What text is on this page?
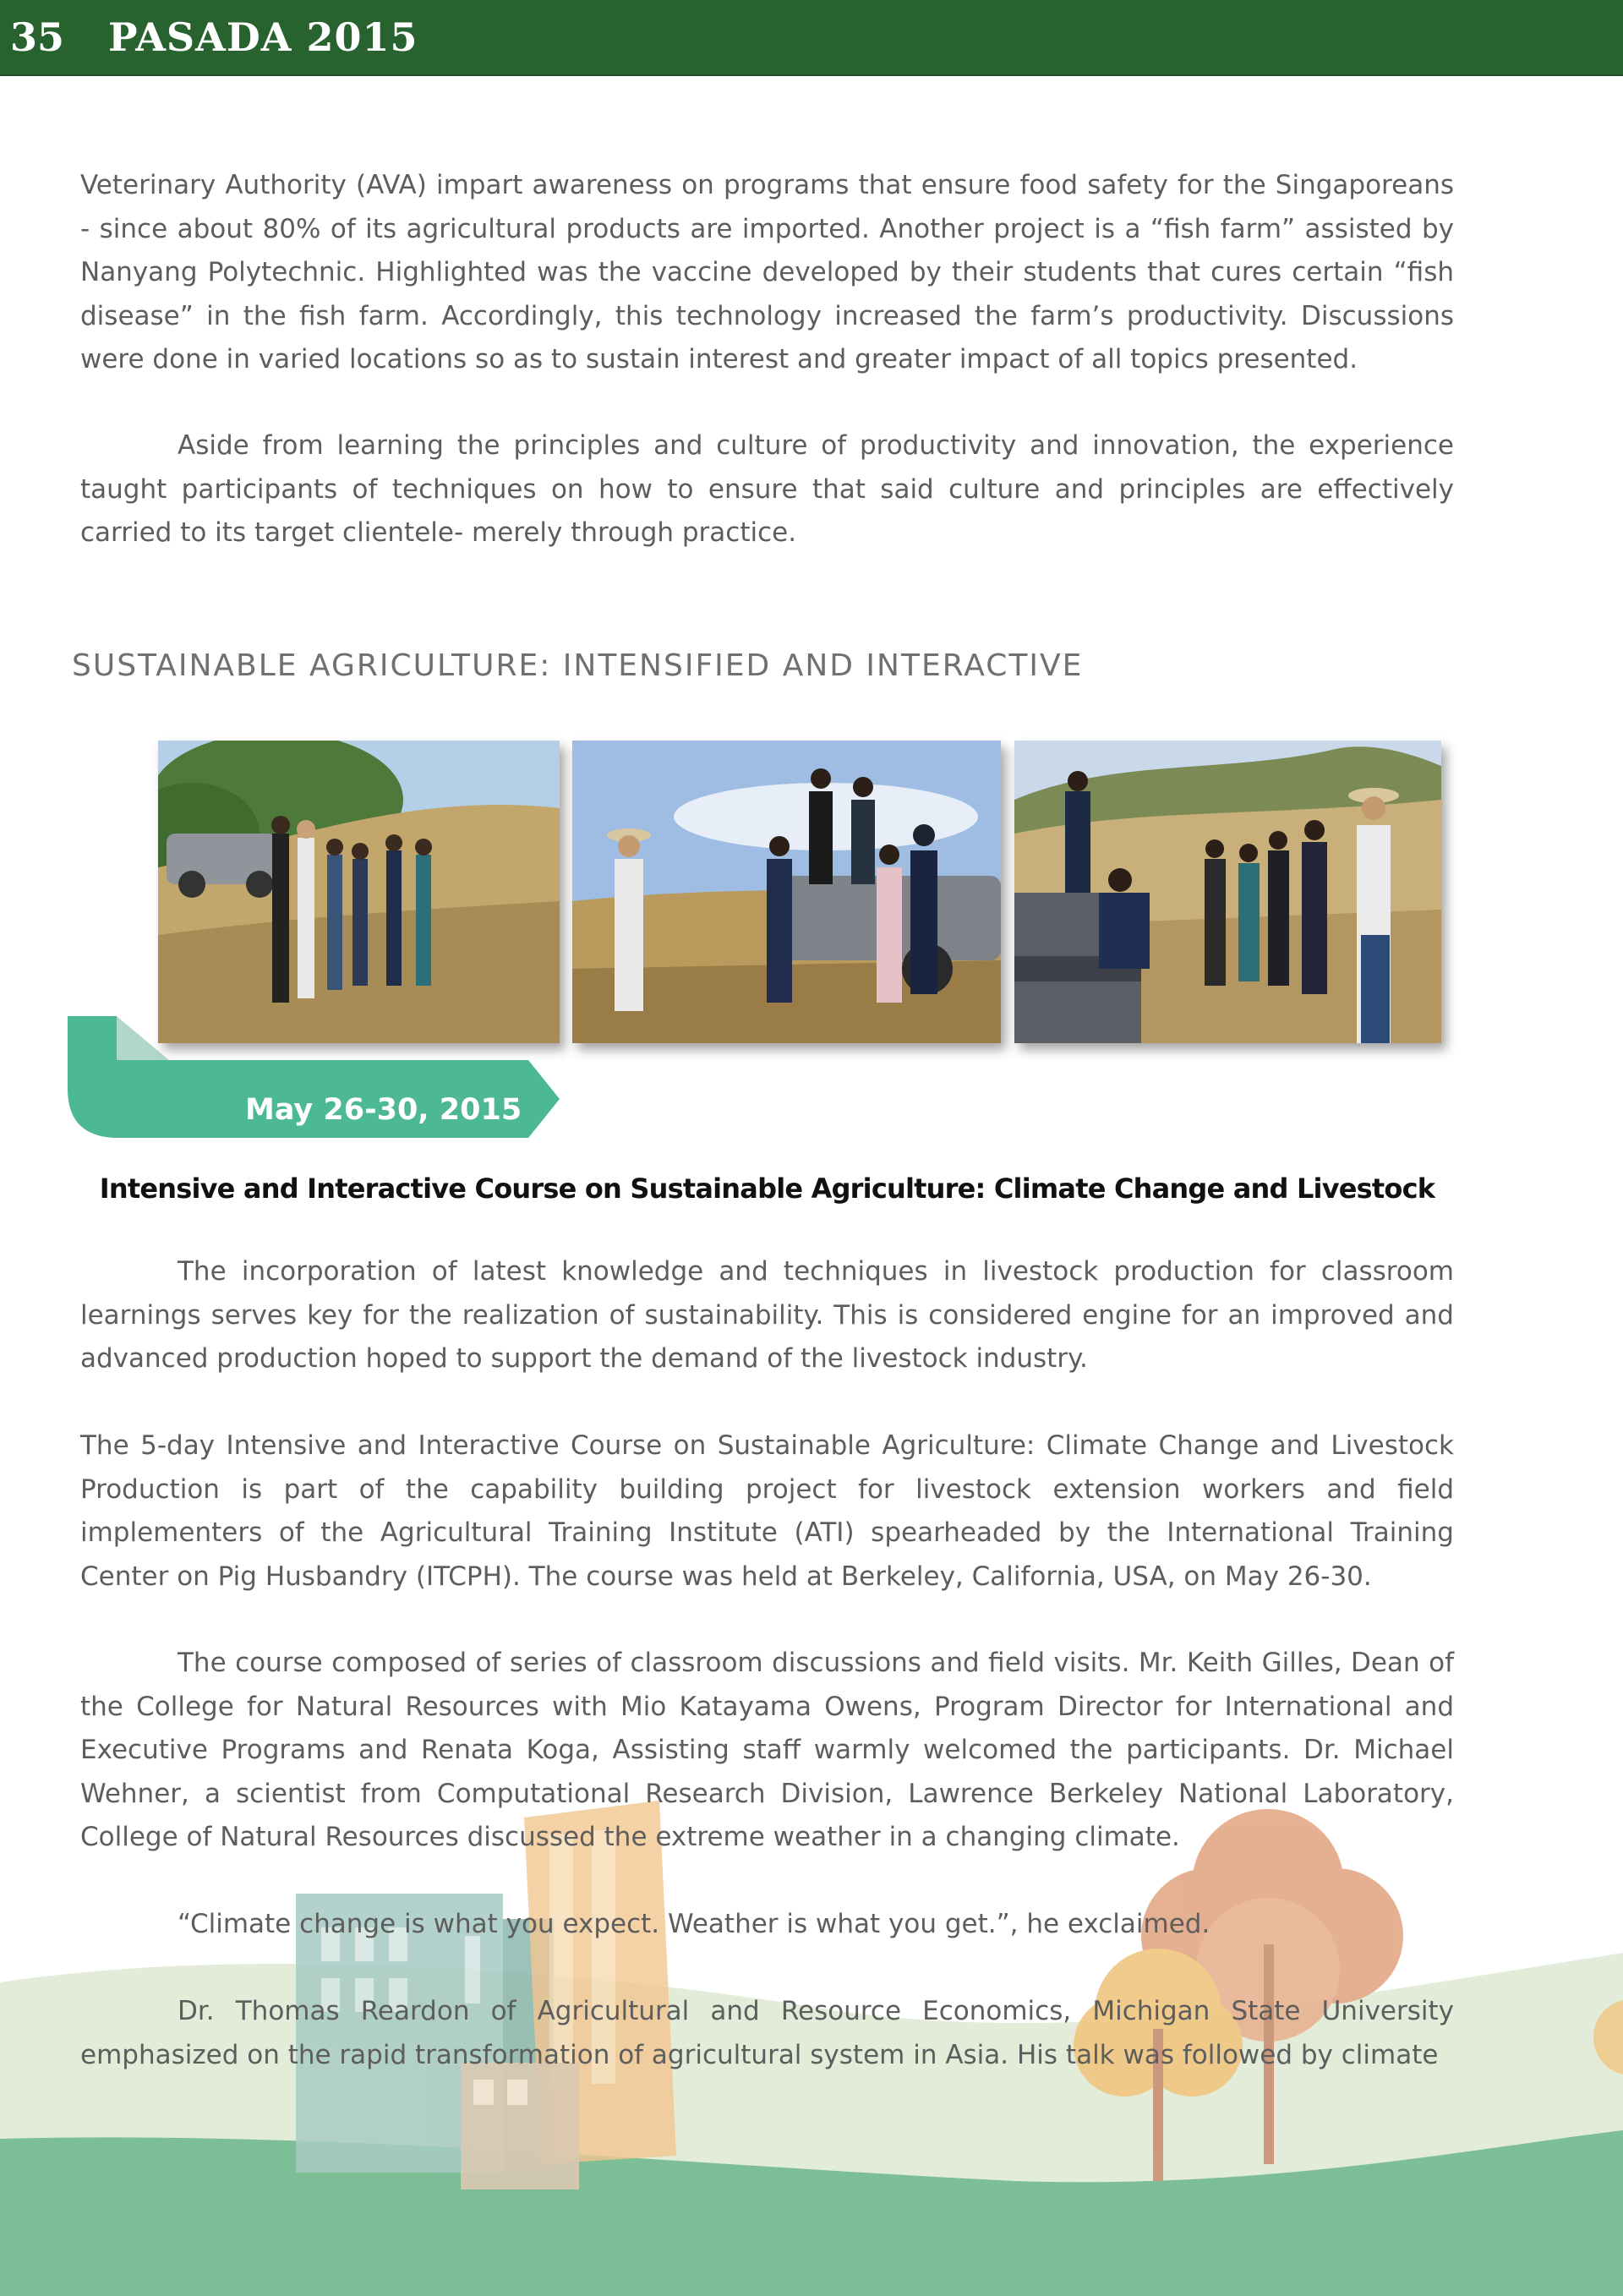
35 PASADA 2015

Veterinary Authority (AVA) impart awareness on programs that ensure food safety for the Singaporeans - since about 80% of its agricultural products are imported. Another project is a “fish farm” assisted by Nanyang Polytechnic. Highlighted was the vaccine developed by their students that cures certain “fish disease” in the fish farm. Accordingly, this technology increased the farm’s productivity. Discussions were done in varied locations so as to sustain interest and greater impact of all topics presented.

Aside from learning the principles and culture of productivity and innovation, the experience taught participants of techniques on how to ensure that said culture and principles are effectively carried to its target clientele- merely through practice.

SUSTAINABLE AGRICULTURE: INTENSIFIED AND INTERACTIVE
May 26-30, 2015
Intensive and Interactive Course on Sustainable Agriculture: Climate Change and Livestock

The incorporation of latest knowledge and techniques in livestock production for classroom learnings serves key for the realization of sustainability. This is considered engine for an improved and advanced production hoped to support the demand of the livestock industry.

The 5-day Intensive and Interactive Course on Sustainable Agriculture: Climate Change and Livestock Production is part of the capability building project for livestock extension workers and field implementers of the Agricultural Training Institute (ATI) spearheaded by the International Training Center on Pig Husbandry (ITCPH). The course was held at Berkeley, California, USA, on May 26-30.

The course composed of series of classroom discussions and field visits. Mr. Keith Gilles, Dean of the College for Natural Resources with Mio Katayama Owens, Program Director for International and Executive Programs and Renata Koga, Assisting staff warmly welcomed the participants. Dr. Michael Wehner, a scientist from Computational Research Division, Lawrence Berkeley National Laboratory, College of Natural Resources discussed the extreme weather in a changing climate.

“Climate change is what you expect. Weather is what you get.”, he exclaimed.

Dr. Thomas Reardon of Agricultural and Resource Economics, Michigan State University emphasized on the rapid transformation of agricultural system in Asia. His talk was followed by climate
